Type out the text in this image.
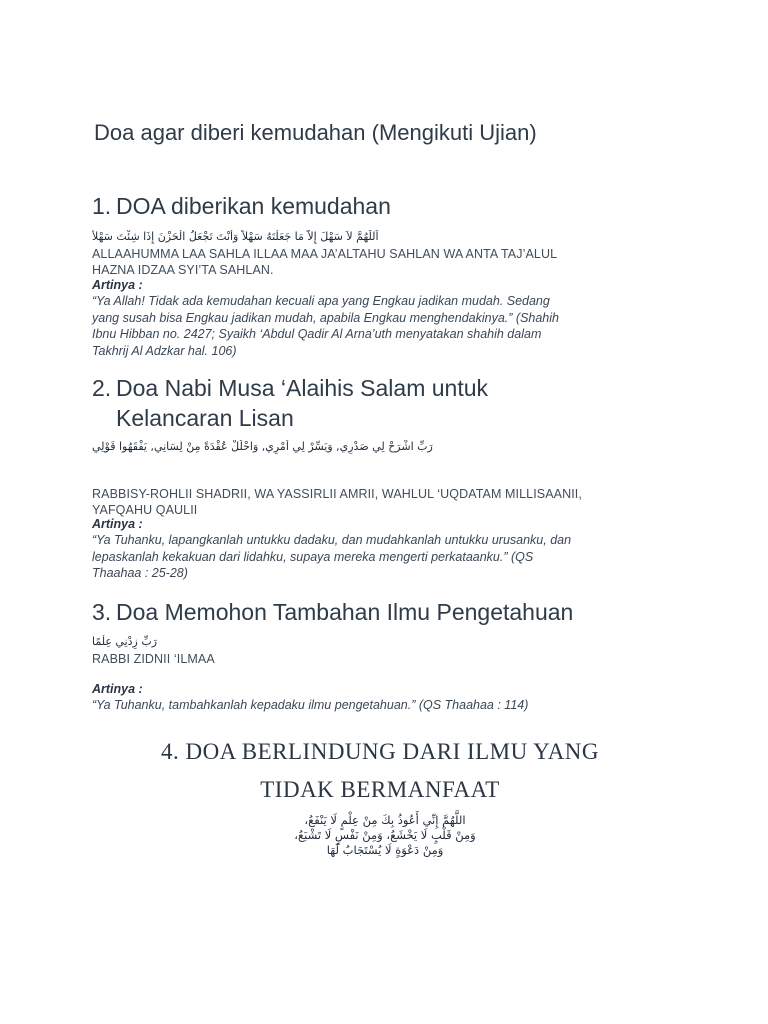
Doa agar diberi kemudahan (Mengikuti Ujian)
1. DOA diberikan kemudahan
اَللَّهُمَّ لاَ سَهْلَ إِلاَّ مَا جَعَلْتَهُ سَهْلاً وَأَنْتَ تَجْعَلُ الْحَزْنَ إِذَا شِئْتَ سَهْلاً
ALLAAHUMMA LAA SAHLA ILLAA MAA JA’ALTAHU SAHLAN WA ANTA TAJ’ALUL
HAZNA IDZAA SYI’TA SAHLAN.
Artinya :
“Ya Allah! Tidak ada kemudahan kecuali apa yang Engkau jadikan mudah. Sedang
yang susah bisa Engkau jadikan mudah, apabila Engkau menghendakinya.” (Shahih
Ibnu Hibban no. 2427; Syaikh ‘Abdul Qadir Al Arna’uth menyatakan shahih dalam
Takhrij Al Adzkar hal. 106)
2. Doa Nabi Musa ‘Alaihis Salam untuk
Kelancaran Lisan
رَبِّ اشْرَحْ لِي صَدْرِي, وَيَسِّرْ لِي أَمْرِي, وَاحْلُلْ عُقْدَةً مِنْ لِسَانِي, يَفْقَهُوا قَوْلِي
RABBISY-ROHLII SHADRII, WA YASSIRLII AMRII, WAHLUL ‘UQDATAM MILLISAANII,
YAFQAHU QAULII
Artinya :
“Ya Tuhanku, lapangkanlah untukku dadaku, dan mudahkanlah untukku urusanku, dan
lepaskanlah kekakuan dari lidahku, supaya mereka mengerti perkataanku.” (QS
Thaahaa : 25-28)
3. Doa Memohon Tambahan Ilmu Pengetahuan
رَبِّ زِدْنِي عِلْمًا
RABBI ZIDNII ‘ILMAA
Artinya :
“Ya Tuhanku, tambahkanlah kepadaku ilmu pengetahuan.” (QS Thaahaa : 114)
4. DOA BERLINDUNG DARI ILMU YANG
TIDAK BERMANFAAT
اللَّهُمَّ إِنِّي أَعُوذُ بِكَ مِنْ عِلْمٍ لَا يَنْفَعُ،
وَمِنْ قَلْبٍ لَا يَخْشَعُ، وَمِنْ نَفْسٍ لَا تَشْبَعُ،
وَمِنْ دَعْوَةٍ لَا يُسْتَجَابُ لَهَا
